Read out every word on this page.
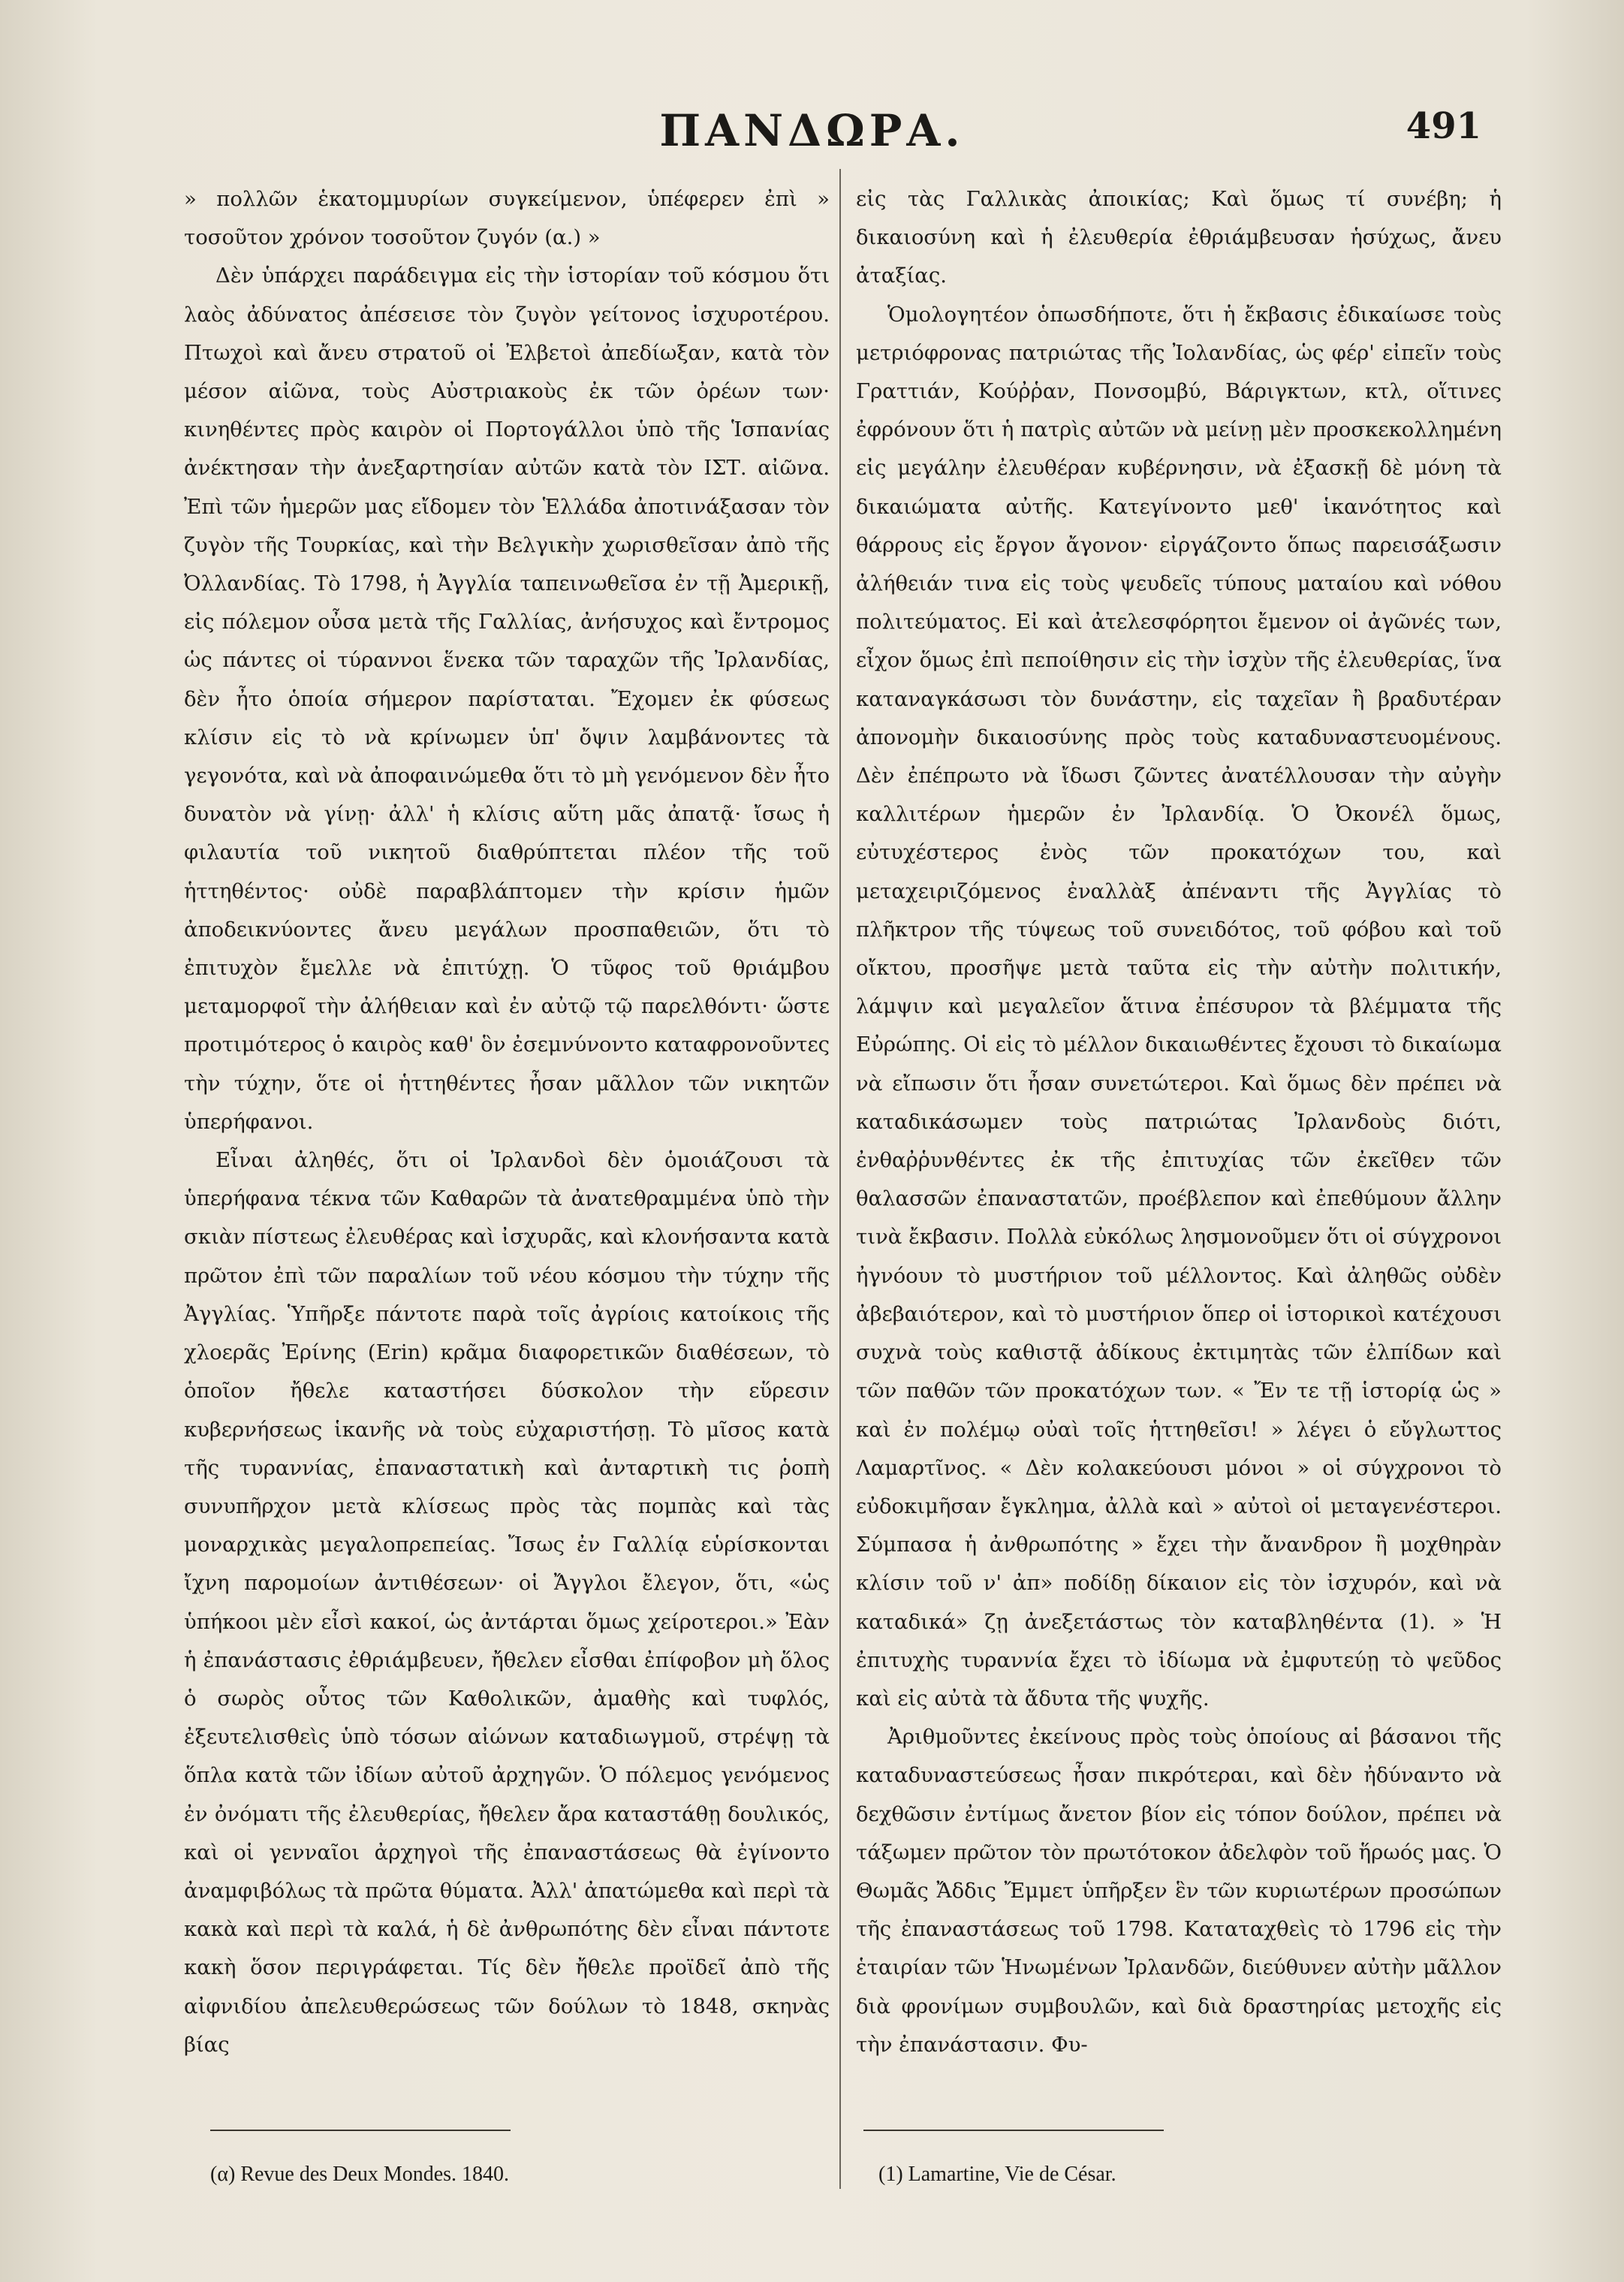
ΠΑΝΔΩΡΑ.	491

» πολλῶν ἑκατομμυρίων συγκείμενον, ὑπέφερεν ἐπὶ » τοσοῦτον χρόνον τοσοῦτον ζυγόν (α.) »

Δὲν ὑπάρχει παράδειγμα εἰς τὴν ἱστορίαν τοῦ κόσμου ὅτι λαὸς ἀδύνατος ἀπέσεισε τὸν ζυγὸν γείτονος ἰσχυροτέρου. Πτωχοὶ καὶ ἄνευ στρατοῦ οἱ Ἐλβετοὶ ἀπεδίωξαν, κατὰ τὸν μέσον αἰῶνα, τοὺς Αὐστριακοὺς ἐκ τῶν ὀρέων των· κινηθέντες πρὸς καιρὸν οἱ Πορτογάλλοι ὑπὸ τῆς Ἱσπανίας ἀνέκτησαν τὴν ἀνεξαρτησίαν αὐτῶν κατὰ τὸν ΙΣΤ. αἰῶνα. Ἐπὶ τῶν ἡμερῶν μας εἴδομεν τὸν Ἑλλάδα ἀποτινάξασαν τὸν ζυγὸν τῆς Τουρκίας, καὶ τὴν Βελγικὴν χωρισθεῖσαν ἀπὸ τῆς Ὀλλανδίας. Τὸ 1798, ἡ Ἀγγλία ταπεινωθεῖσα ἐν τῇ Ἀμερικῇ, εἰς πόλεμον οὖσα μετὰ τῆς Γαλλίας, ἀνήσυχος καὶ ἔντρομος ὡς πάντες οἱ τύραννοι ἕνεκα τῶν ταραχῶν τῆς Ἰρλανδίας, δὲν ἦτο ὁποία σήμερον παρίσταται. Ἔχομεν ἐκ φύσεως κλίσιν εἰς τὸ νὰ κρίνωμεν ὑπ' ὄψιν λαμβάνοντες τὰ γεγονότα, καὶ νὰ ἀποφαινώμεθα ὅτι τὸ μὴ γενόμενον δὲν ἦτο δυνατὸν νὰ γίνῃ· ἀλλ' ἡ κλίσις αὕτη μᾶς ἀπατᾷ· ἴσως ἡ φιλαυτία τοῦ νικητοῦ διαθρύπτεται πλέον τῆς τοῦ ἡττηθέντος· οὐδὲ παραβλάπτομεν τὴν κρίσιν ἡμῶν ἀποδεικνύοντες ἄνευ μεγάλων προσπαθειῶν, ὅτι τὸ ἐπιτυχὸν ἔμελλε νὰ ἐπιτύχῃ. Ὁ τῦφος τοῦ θριάμβου μεταμορφοῖ τὴν ἀλήθειαν καὶ ἐν αὐτῷ τῷ παρελθόντι· ὥστε προτιμότερος ὁ καιρὸς καθ' ὃν ἐσεμνύνοντο καταφρονοῦντες τὴν τύχην, ὅτε οἱ ἡττηθέντες ἦσαν μᾶλλον τῶν νικητῶν ὑπερήφανοι.

Εἶναι ἀληθές, ὅτι οἱ Ἰρλανδοὶ δὲν ὁμοιάζουσι τὰ ὑπερήφανα τέκνα τῶν Καθαρῶν τὰ ἀνατεθραμμένα ὑπὸ τὴν σκιὰν πίστεως ἐλευθέρας καὶ ἰσχυρᾶς, καὶ κλονήσαντα κατὰ πρῶτον ἐπὶ τῶν παραλίων τοῦ νέου κόσμου τὴν τύχην τῆς Ἀγγλίας. Ὑπῆρξε πάντοτε παρὰ τοῖς ἀγρίοις κατοίκοις τῆς χλοερᾶς Ἐρίνης (Erin) κρᾶμα διαφορετικῶν διαθέσεων, τὸ ὁποῖον ἤθελε καταστήσει δύσκολον τὴν εὕρεσιν κυβερνήσεως ἱκανῆς νὰ τοὺς εὐχαριστήσῃ. Τὸ μῖσος κατὰ τῆς τυραννίας, ἐπαναστατικὴ καὶ ἀνταρτικὴ τις ῥοπὴ συνυπῆρχον μετὰ κλίσεως πρὸς τὰς πομπὰς καὶ τὰς μοναρχικὰς μεγαλοπρεπείας. Ἴσως ἐν Γαλλίᾳ εὑρίσκονται ἴχνη παρομοίων ἀντιθέσεων· οἱ Ἄγγλοι ἔλεγον, ὅτι, «ὡς ὑπήκοοι μὲν εἶσὶ κακοί, ὡς ἀντάρται ὅμως χείροτεροι.» Ἐὰν ἡ ἐπανάστασις ἐθριάμβευεν, ἤθελεν εἶσθαι ἐπίφοβον μὴ ὅλος ὁ σωρὸς οὗτος τῶν Καθολικῶν, ἀμαθὴς καὶ τυφλός, ἐξευτελισθεὶς ὑπὸ τόσων αἰώνων καταδιωγμοῦ, στρέψῃ τὰ ὅπλα κατὰ τῶν ἰδίων αὐτοῦ ἀρχηγῶν. Ὁ πόλεμος γενόμενος ἐν ὀνόματι τῆς ἐλευθερίας, ἤθελεν ἄρα καταστάθῃ δουλικός, καὶ οἱ γενναῖοι ἀρχηγοὶ τῆς ἐπαναστάσεως θὰ ἐγίνοντο ἀναμφιβόλως τὰ πρῶτα θύματα. Ἀλλ' ἀπατώμεθα καὶ περὶ τὰ κακὰ καὶ περὶ τὰ καλά, ἡ δὲ ἀνθρωπότης δὲν εἶναι πάντοτε κακὴ ὅσον περιγράφεται. Τίς δὲν ἤθελε προϊδεῖ ἀπὸ τῆς αἰφνιδίου ἀπελευθερώσεως τῶν δούλων τὸ 1848, σκηνὰς βίας

εἰς τὰς Γαλλικὰς ἀποικίας; Καὶ ὅμως τί συνέβη; ἡ δικαιοσύνη καὶ ἡ ἐλευθερία ἐθριάμβευσαν ἡσύχως, ἄνευ ἀταξίας.

Ὁμολογητέον ὁπωσδήποτε, ὅτι ἡ ἔκβασις ἐδικαίωσε τοὺς μετριόφρονας πατριώτας τῆς Ἰολανδίας, ὡς φέρ' εἰπεῖν τοὺς Γραττιάν, Κούῤῥαν, Πονσομβύ, Βάριγκτων, κτλ, οἵτινες ἐφρόνουν ὅτι ἡ πατρὶς αὐτῶν νὰ μείνῃ μὲν προσκεκολλημένη εἰς μεγάλην ἐλευθέραν κυβέρνησιν, νὰ ἐξασκῇ δὲ μόνη τὰ δικαιώματα αὐτῆς. Κατεγίνοντο μεθ' ἱκανότητος καὶ θάρρους εἰς ἔργον ἄγονον· εἰργάζοντο ὅπως παρεισάξωσιν ἀλήθειάν τινα εἰς τοὺς ψευδεῖς τύπους ματαίου καὶ νόθου πολιτεύματος. Εἰ καὶ ἀτελεσφόρητοι ἔμενον οἱ ἀγῶνές των, εἶχον ὅμως ἐπὶ πεποίθησιν εἰς τὴν ἰσχὺν τῆς ἐλευθερίας, ἵνα καταναγκάσωσι τὸν δυνάστην, εἰς ταχεῖαν ἢ βραδυτέραν ἀπονομὴν δικαιοσύνης πρὸς τοὺς καταδυναστευομένους. Δὲν ἐπέπρωτο νὰ ἴδωσι ζῶντες ἀνατέλλουσαν τὴν αὐγὴν καλλιτέρων ἡμερῶν ἐν Ἰρλανδίᾳ. Ὁ Ὀκονέλ ὅμως, εὐτυχέστερος ἐνὸς τῶν προκατόχων του, καὶ μεταχειριζόμενος ἐναλλὰξ ἀπέναντι τῆς Ἀγγλίας τὸ πλῆκτρον τῆς τύψεως τοῦ συνειδότος, τοῦ φόβου καὶ τοῦ οἴκτου, προσῆψε μετὰ ταῦτα εἰς τὴν αὐτὴν πολιτικήν, λάμψιν καὶ μεγαλεῖον ἅτινα ἐπέσυρον τὰ βλέμματα τῆς Εὐρώπης. Οἱ εἰς τὸ μέλλον δικαιωθέντες ἔχουσι τὸ δικαίωμα νὰ εἴπωσιν ὅτι ἦσαν συνετώτεροι. Καὶ ὅμως δὲν πρέπει νὰ καταδικάσωμεν τοὺς πατριώτας Ἰρλανδοὺς διότι, ἐνθαῤῥυνθέντες ἐκ τῆς ἐπιτυχίας τῶν ἐκεῖθεν τῶν θαλασσῶν ἐπαναστατῶν, προέβλεπον καὶ ἐπεθύμουν ἄλλην τινὰ ἔκβασιν. Πολλὰ εὐκόλως λησμονοῦμεν ὅτι οἱ σύγχρονοι ἠγνόουν τὸ μυστήριον τοῦ μέλλοντος. Καὶ ἀληθῶς οὐδὲν ἀβεβαιότερον, καὶ τὸ μυστήριον ὅπερ οἱ ἱστορικοὶ κατέχουσι συχνὰ τοὺς καθιστᾷ ἀδίκους ἐκτιμητὰς τῶν ἐλπίδων καὶ τῶν παθῶν τῶν προκατόχων των. « Ἔν τε τῇ ἱστορίᾳ ὡς » καὶ ἐν πολέμῳ οὐαὶ τοῖς ἡττηθεῖσι! » λέγει ὁ εὔγλωττος Λαμαρτῖνος. « Δὲν κολακεύουσι μόνοι » οἱ σύγχρονοι τὸ εὐδοκιμῆσαν ἔγκλημα, ἀλλὰ καὶ » αὐτοὶ οἱ μεταγενέστεροι. Σύμπασα ἡ ἀνθρωπότης » ἔχει τὴν ἄνανδρον ἢ μοχθηρὰν κλίσιν τοῦ ν' ἀπ» ποδίδῃ δίκαιον εἰς τὸν ἰσχυρόν, καὶ νὰ καταδικά» ζῃ ἀνεξετάστως τὸν καταβληθέντα (1). » Ἡ ἐπιτυχὴς τυραννία ἔχει τὸ ἰδίωμα νὰ ἐμφυτεύῃ τὸ ψεῦδος καὶ εἰς αὐτὰ τὰ ἄδυτα τῆς ψυχῆς.

Ἀριθμοῦντες ἐκείνους πρὸς τοὺς ὁποίους αἱ βάσανοι τῆς καταδυναστεύσεως ἦσαν πικρότεραι, καὶ δὲν ἠδύναντο νὰ δεχθῶσιν ἐντίμως ἄνετον βίον εἰς τόπον δούλον, πρέπει νὰ τάξωμεν πρῶτον τὸν πρωτότοκον ἀδελφὸν τοῦ ἥρωός μας. Ὁ Θωμᾶς Ἄδδις Ἔμμετ ὑπῆρξεν ἓν τῶν κυριωτέρων προσώπων τῆς ἐπαναστάσεως τοῦ 1798. Καταταχθεὶς τὸ 1796 εἰς τὴν ἑταιρίαν τῶν Ἡνωμένων Ἰρλανδῶν, διεύθυνεν αὐτὴν μᾶλλον διὰ φρονίμων συμβουλῶν, καὶ διὰ δραστηρίας μετοχῆς εἰς τὴν ἐπανάστασιν. Φυ-

(α) Revue des Deux Mondes. 1840.	(1) Lamartine, Vie de César.
